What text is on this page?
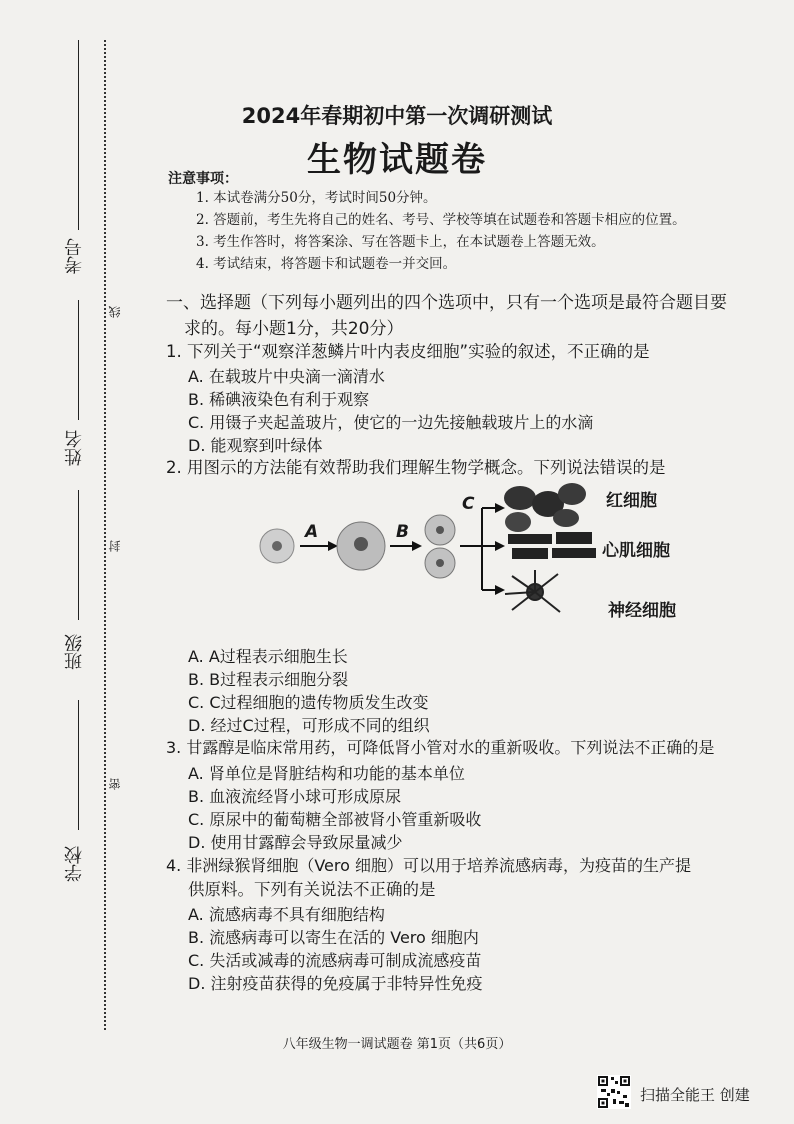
考号
线
姓名
封
班级
密
学校
2024年春期初中第一次调研测试
生物试题卷
注意事项：
1. 本试卷满分50分，考试时间50分钟。
2. 答题前，考生先将自己的姓名、考号、学校等填在试题卷和答题卡相应的位置。
3. 考生作答时，将答案涂、写在答题卡上，在本试题卷上答题无效。
4. 考试结束，将答题卡和试题卷一并交回。
一、选择题（下列每小题列出的四个选项中，只有一个选项是最符合题目要
求的。每小题1分，共20分）
1. 下列关于“观察洋葱鳞片叶内表皮细胞”实验的叙述，不正确的是
A. 在载玻片中央滴一滴清水
B. 稀碘液染色有利于观察
C. 用镊子夹起盖玻片，使它的一边先接触载玻片上的水滴
D. 能观察到叶绿体
2. 用图示的方法能有效帮助我们理解生物学概念。下列说法错误的是
A	B
C	红细胞
心肌细胞
神经细胞
A. A过程表示细胞生长
B. B过程表示细胞分裂
C. C过程细胞的遗传物质发生改变
D. 经过C过程，可形成不同的组织
3. 甘露醇是临床常用药，可降低肾小管对水的重新吸收。下列说法不正确的是
A. 肾单位是肾脏结构和功能的基本单位
B. 血液流经肾小球可形成原尿
C. 原尿中的葡萄糖全部被肾小管重新吸收
D. 使用甘露醇会导致尿量减少
4. 非洲绿猴肾细胞（Vero 细胞）可以用于培养流感病毒，为疫苗的生产提
供原料。下列有关说法不正确的是
A. 流感病毒不具有细胞结构
B. 流感病毒可以寄生在活的 Vero 细胞内
C. 失活或减毒的流感病毒可制成流感疫苗
D. 注射疫苗获得的免疫属于非特异性免疫
八年级生物一调试题卷 第1页（共6页）
扫描全能王 创建
